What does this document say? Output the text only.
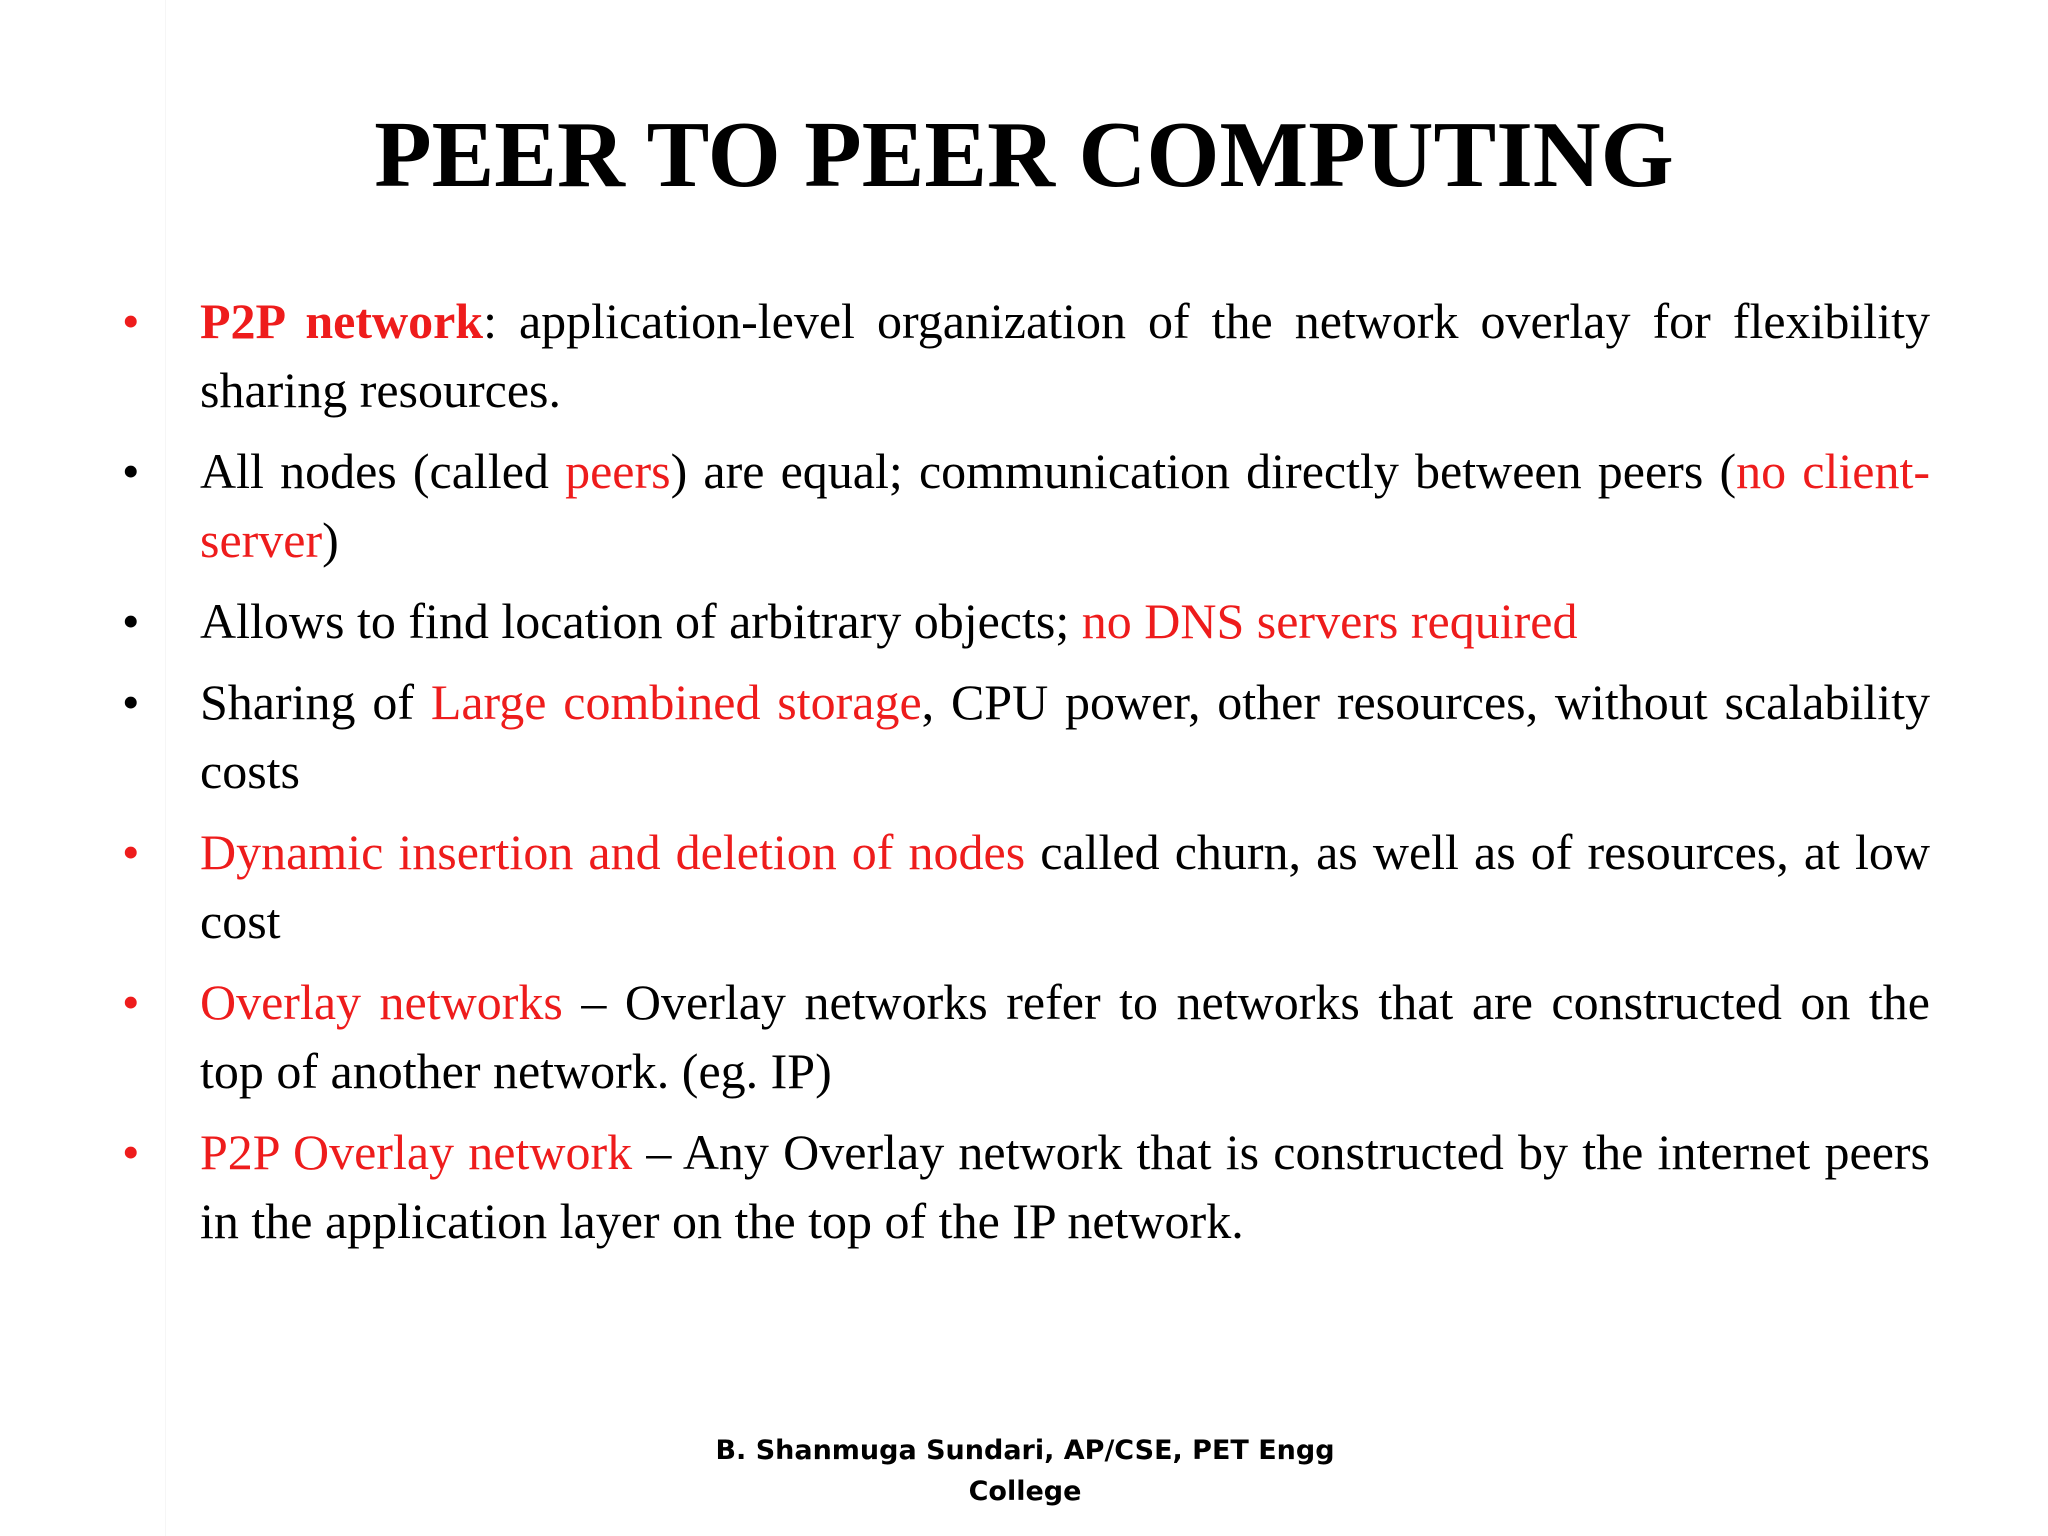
PEER TO PEER COMPUTING
•	P2P network: application-level organization of the network overlay for flexibility sharing resources.
•	All nodes (called peers) are equal; communication directly between peers (no client-server)
•	Allows to find location of arbitrary objects; no DNS servers required
•	Sharing of Large combined storage, CPU power, other resources, without scalability costs
•	Dynamic insertion and deletion of nodes called churn, as well as of resources, at low cost
•	Overlay networks – Overlay networks refer to networks that are constructed on the top of another network. (eg. IP)
•	P2P Overlay network – Any Overlay network that is constructed by the internet peers in the application layer on the top of the IP network.
B. Shanmuga Sundari, AP/CSE, PET Engg
College
